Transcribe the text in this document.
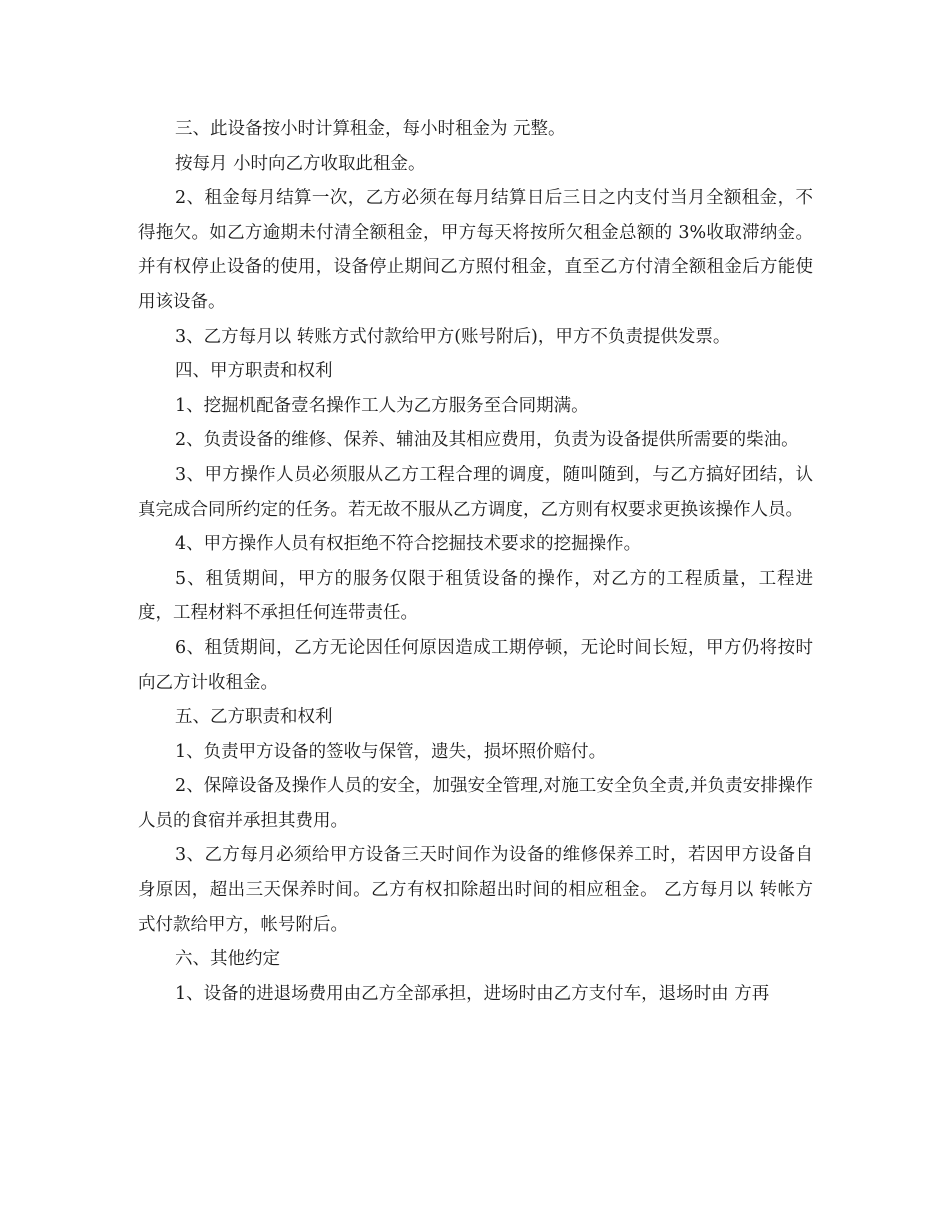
三、此设备按小时计算租金，每小时租金为 元整。

按每月 小时向乙方收取此租金。

2、租金每月结算一次，乙方必须在每月结算日后三日之内支付当月全额租金，不得拖欠。如乙方逾期未付清全额租金，甲方每天将按所欠租金总额的 3%收取滞纳金。并有权停止设备的使用，设备停止期间乙方照付租金，直至乙方付清全额租金后方能使用该设备。

3、乙方每月以 转账方式付款给甲方(账号附后)，甲方不负责提供发票。

四、甲方职责和权利

1、挖掘机配备壹名操作工人为乙方服务至合同期满。

2、负责设备的维修、保养、辅油及其相应费用，负责为设备提供所需要的柴油。

3、甲方操作人员必须服从乙方工程合理的调度，随叫随到，与乙方搞好团结，认真完成合同所约定的任务。若无故不服从乙方调度，乙方则有权要求更换该操作人员。

4、甲方操作人员有权拒绝不符合挖掘技术要求的挖掘操作。

5、租赁期间，甲方的服务仅限于租赁设备的操作，对乙方的工程质量，工程进度，工程材料不承担任何连带责任。

6、租赁期间，乙方无论因任何原因造成工期停顿，无论时间长短，甲方仍将按时向乙方计收租金。

五、乙方职责和权利

1、负责甲方设备的签收与保管，遗失，损坏照价赔付。

2、保障设备及操作人员的安全，加强安全管理,对施工安全负全责,并负责安排操作人员的食宿并承担其费用。

3、乙方每月必须给甲方设备三天时间作为设备的维修保养工时，若因甲方设备自身原因，超出三天保养时间。乙方有权扣除超出时间的相应租金。 乙方每月以 转帐方式付款给甲方，帐号附后。

六、其他约定

1、设备的进退场费用由乙方全部承担，进场时由乙方支付车，退场时由 方再
